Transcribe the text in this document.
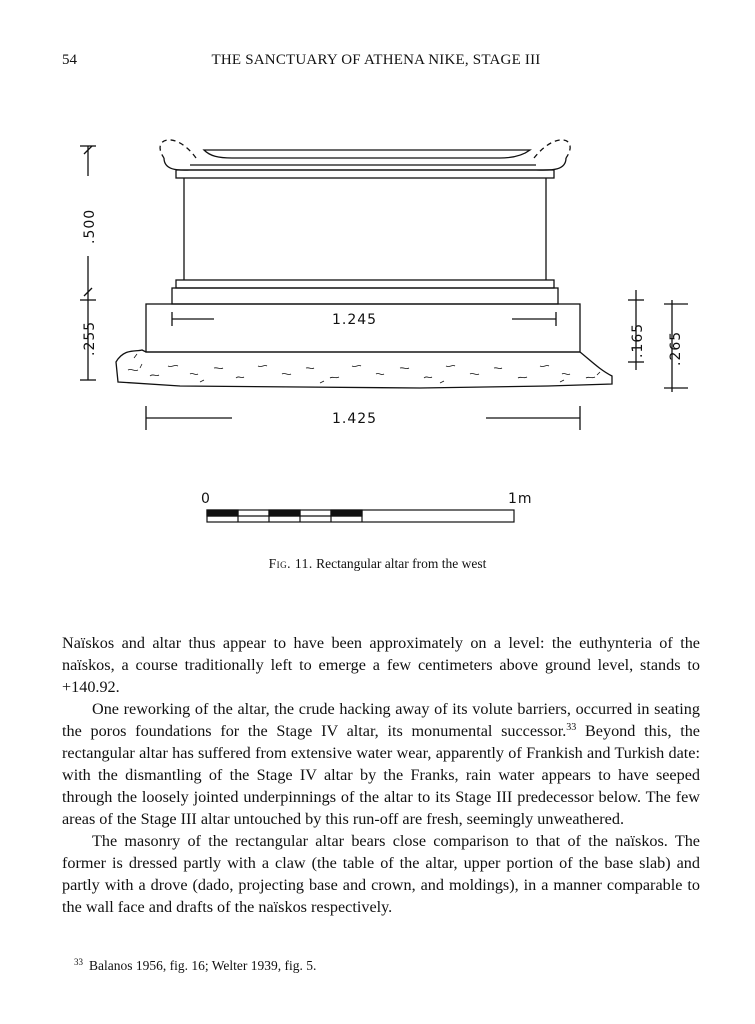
54	THE SANCTUARY OF ATHENA NIKE, STAGE III
.500
.255
1.245
1.425
.165 .265
0	1m
Fig. 11. Rectangular altar from the west

Naïskos and altar thus appear to have been approximately on a level: the euthynteria of the naïskos, a course traditionally left to emerge a few centimeters above ground level, stands to +140.92.

One reworking of the altar, the crude hacking away of its volute barriers, occurred in seating the poros foundations for the Stage IV altar, its monumental successor.$^{33}$ Beyond this, the rectangular altar has suffered from extensive water wear, apparently of Frankish and Turkish date: with the dismantling of the Stage IV altar by the Franks, rain water appears to have seeped through the loosely jointed underpinnings of the altar to its Stage III predecessor below. The few areas of the Stage III altar untouched by this run-off are fresh, seemingly unweathered.

The masonry of the rectangular altar bears close comparison to that of the naïskos. The former is dressed partly with a claw (the table of the altar, upper portion of the base slab) and partly with a drove (dado, projecting base and crown, and moldings), in a manner comparable to the wall face and drafts of the naïskos respectively.

$^{33}$ Balanos 1956, fig. 16; Welter 1939, fig. 5.
